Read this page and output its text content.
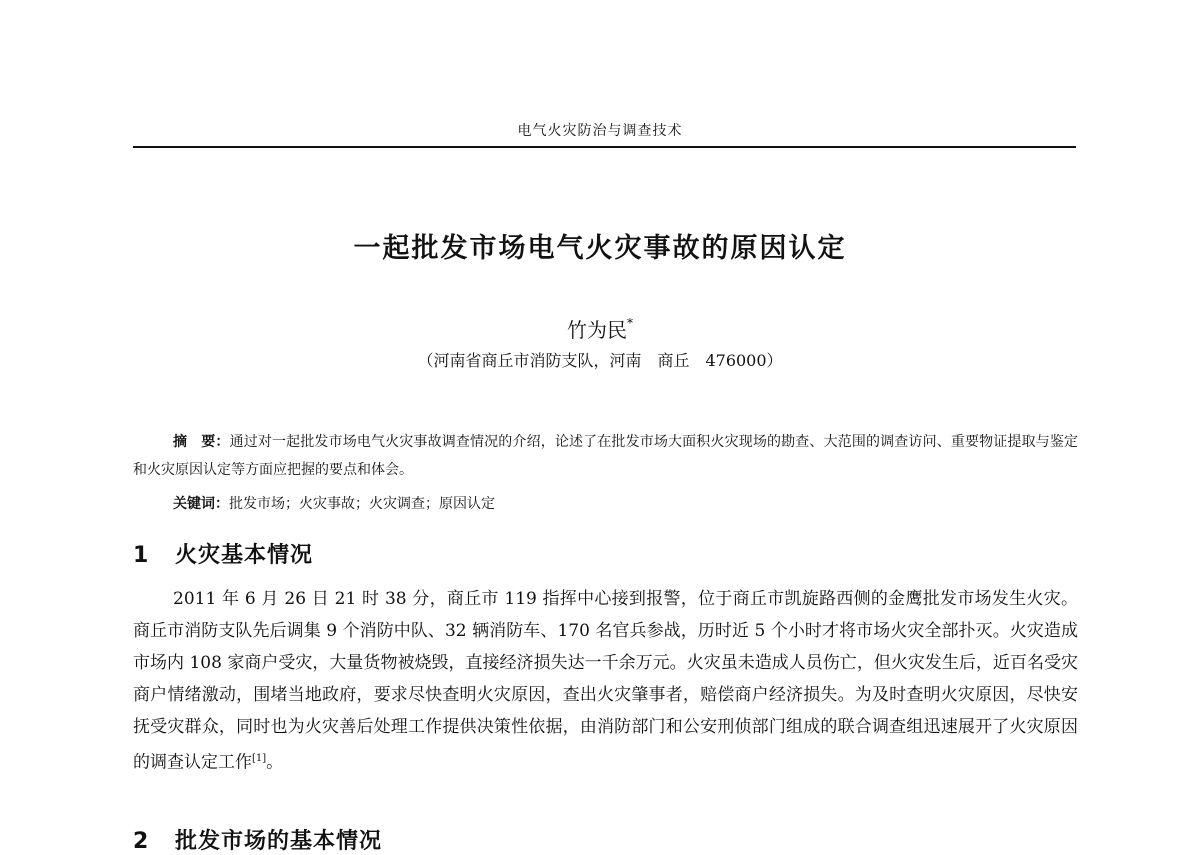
电气火灾防治与调查技术
一起批发市场电气火灾事故的原因认定
竹为民*
（河南省商丘市消防支队，河南　商丘　476000）
摘　要：通过对一起批发市场电气火灾事故调查情况的介绍，论述了在批发市场大面积火灾现场的勘查、大范围的调查访问、重要物证提取与鉴定和火灾原因认定等方面应把握的要点和体会。
关键词：批发市场；火灾事故；火灾调查；原因认定
1 火灾基本情况
2011 年 6 月 26 日 21 时 38 分，商丘市 119 指挥中心接到报警，位于商丘市凯旋路西侧的金鹰批发市场发生火灾。商丘市消防支队先后调集 9 个消防中队、32 辆消防车、170 名官兵参战，历时近 5 个小时才将市场火灾全部扑灭。火灾造成市场内 108 家商户受灾，大量货物被烧毁，直接经济损失达一千余万元。火灾虽未造成人员伤亡，但火灾发生后，近百名受灾商户情绪激动，围堵当地政府，要求尽快查明火灾原因，查出火灾肇事者，赔偿商户经济损失。为及时查明火灾原因，尽快安抚受灾群众，同时也为火灾善后处理工作提供决策性依据，由消防部门和公安刑侦部门组成的联合调查组迅速展开了火灾原因的调查认定工作[1]。
2 批发市场的基本情况
